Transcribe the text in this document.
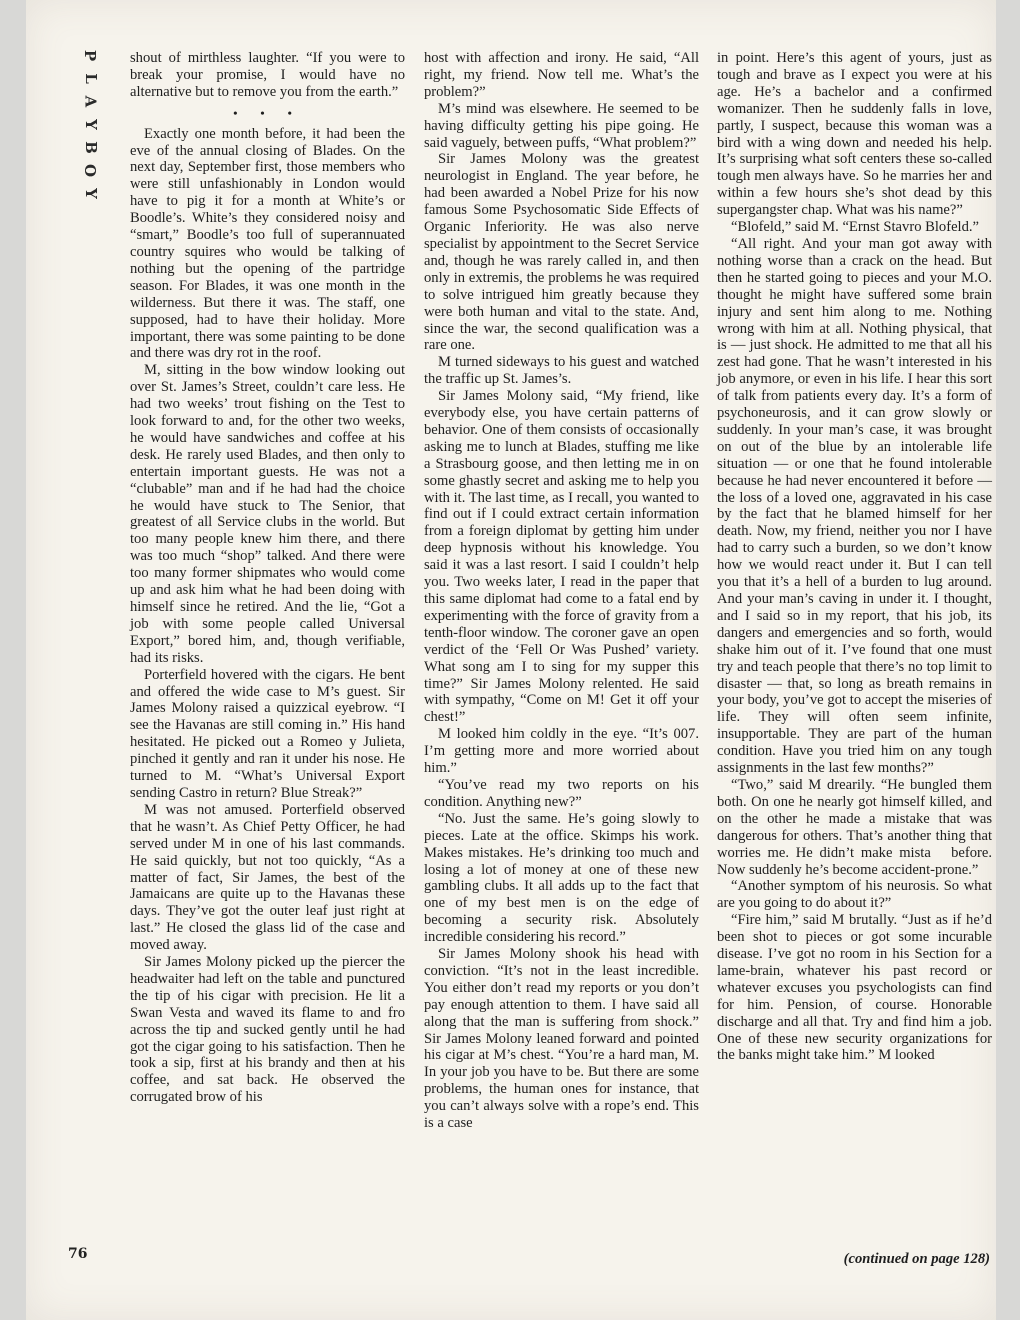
P
L
A
Y
B
O
Y

shout of mirthless laughter. “If you were to break your promise, I would have no alternative but to remove you from the earth.”

• • •

Exactly one month before, it had been the eve of the annual closing of Blades. On the next day, September first, those members who were still unfashionably in London would have to pig it for a month at White’s or Boodle’s. White’s they considered noisy and “smart,” Boodle’s too full of superannuated country squires who would be talking of nothing but the opening of the partridge season. For Blades, it was one month in the wilderness. But there it was. The staff, one supposed, had to have their holiday. More important, there was some painting to be done and there was dry rot in the roof.

M, sitting in the bow window looking out over St. James’s Street, couldn’t care less. He had two weeks’ trout fishing on the Test to look forward to and, for the other two weeks, he would have sandwiches and coffee at his desk. He rarely used Blades, and then only to entertain important guests. He was not a “clubable” man and if he had had the choice he would have stuck to The Senior, that greatest of all Service clubs in the world. But too many people knew him there, and there was too much “shop” talked. And there were too many former shipmates who would come up and ask him what he had been doing with himself since he retired. And the lie, “Got a job with some people called Universal Export,” bored him, and, though verifiable, had its risks.

Porterfield hovered with the cigars. He bent and offered the wide case to M’s guest. Sir James Molony raised a quizzical eyebrow. “I see the Havanas are still coming in.” His hand hesitated. He picked out a Romeo y Julieta, pinched it gently and ran it under his nose. He turned to M. “What’s Universal Export sending Castro in return? Blue Streak?”

M was not amused. Porterfield observed that he wasn’t. As Chief Petty Officer, he had served under M in one of his last commands. He said quickly, but not too quickly, “As a matter of fact, Sir James, the best of the Jamaicans are quite up to the Havanas these days. They’ve got the outer leaf just right at last.” He closed the glass lid of the case and moved away.

Sir James Molony picked up the piercer the headwaiter had left on the table and punctured the tip of his cigar with precision. He lit a Swan Vesta and waved its flame to and fro across the tip and sucked gently until he had got the cigar going to his satisfaction. Then he took a sip, first at his brandy and then at his coffee, and sat back. He observed the corrugated brow of his

host with affection and irony. He said, “All right, my friend. Now tell me. What’s the problem?”

M’s mind was elsewhere. He seemed to be having difficulty getting his pipe going. He said vaguely, between puffs, “What problem?”

Sir James Molony was the greatest neurologist in England. The year before, he had been awarded a Nobel Prize for his now famous Some Psychosomatic Side Effects of Organic Inferiority. He was also nerve specialist by appointment to the Secret Service and, though he was rarely called in, and then only in extremis, the problems he was required to solve intrigued him greatly because they were both human and vital to the state. And, since the war, the second qualification was a rare one.

M turned sideways to his guest and watched the traffic up St. James’s.

Sir James Molony said, “My friend, like everybody else, you have certain patterns of behavior. One of them consists of occasionally asking me to lunch at Blades, stuffing me like a Strasbourg goose, and then letting me in on some ghastly secret and asking me to help you with it. The last time, as I recall, you wanted to find out if I could extract certain information from a foreign diplomat by getting him under deep hypnosis without his knowledge. You said it was a last resort. I said I couldn’t help you. Two weeks later, I read in the paper that this same diplomat had come to a fatal end by experimenting with the force of gravity from a tenth-floor window. The coroner gave an open verdict of the ‘Fell Or Was Pushed’ variety. What song am I to sing for my supper this time?” Sir James Molony relented. He said with sympathy, “Come on M! Get it off your chest!”

M looked him coldly in the eye. “It’s 007. I’m getting more and more worried about him.”

“You’ve read my two reports on his condition. Anything new?”

“No. Just the same. He’s going slowly to pieces. Late at the office. Skimps his work. Makes mistakes. He’s drinking too much and losing a lot of money at one of these new gambling clubs. It all adds up to the fact that one of my best men is on the edge of becoming a security risk. Absolutely incredible considering his record.”

Sir James Molony shook his head with conviction. “It’s not in the least incredible. You either don’t read my reports or you don’t pay enough attention to them. I have said all along that the man is suffering from shock.” Sir James Molony leaned forward and pointed his cigar at M’s chest. “You’re a hard man, M. In your job you have to be. But there are some problems, the human ones for instance, that you can’t always solve with a rope’s end. This is a case

in point. Here’s this agent of yours, just as tough and brave as I expect you were at his age. He’s a bachelor and a confirmed womanizer. Then he suddenly falls in love, partly, I suspect, because this woman was a bird with a wing down and needed his help. It’s surprising what soft centers these so-called tough men always have. So he marries her and within a few hours she’s shot dead by this supergangster chap. What was his name?”

“Blofeld,” said M. “Ernst Stavro Blofeld.”

“All right. And your man got away with nothing worse than a crack on the head. But then he started going to pieces and your M.O. thought he might have suffered some brain injury and sent him along to me. Nothing wrong with him at all. Nothing physical, that is — just shock. He admitted to me that all his zest had gone. That he wasn’t interested in his job anymore, or even in his life. I hear this sort of talk from patients every day. It’s a form of psychoneurosis, and it can grow slowly or suddenly. In your man’s case, it was brought on out of the blue by an intolerable life situation — or one that he found intolerable because he had never encountered it before — the loss of a loved one, aggravated in his case by the fact that he blamed himself for her death. Now, my friend, neither you nor I have had to carry such a burden, so we don’t know how we would react under it. But I can tell you that it’s a hell of a burden to lug around. And your man’s caving in under it. I thought, and I said so in my report, that his job, its dangers and emergencies and so forth, would shake him out of it. I’ve found that one must try and teach people that there’s no top limit to disaster — that, so long as breath remains in your body, you’ve got to accept the miseries of life. They will often seem infinite, insupportable. They are part of the human condition. Have you tried him on any tough assignments in the last few months?”

“Two,” said M drearily. “He bungled them both. On one he nearly got himself killed, and on the other he made a mistake that was dangerous for others. That’s another thing that worries me. He didn’t make mista   before. Now suddenly he’s become accident-prone.”

“Another symptom of his neurosis. So what are you going to do about it?”

“Fire him,” said M brutally. “Just as if he’d been shot to pieces or got some incurable disease. I’ve got no room in his Section for a lame-brain, whatever his past record or whatever excuses you psychologists can find for him. Pension, of course. Honorable discharge and all that. Try and find him a job. One of these new security organizations for the banks might take him.” M looked

76	(continued on page 128)
